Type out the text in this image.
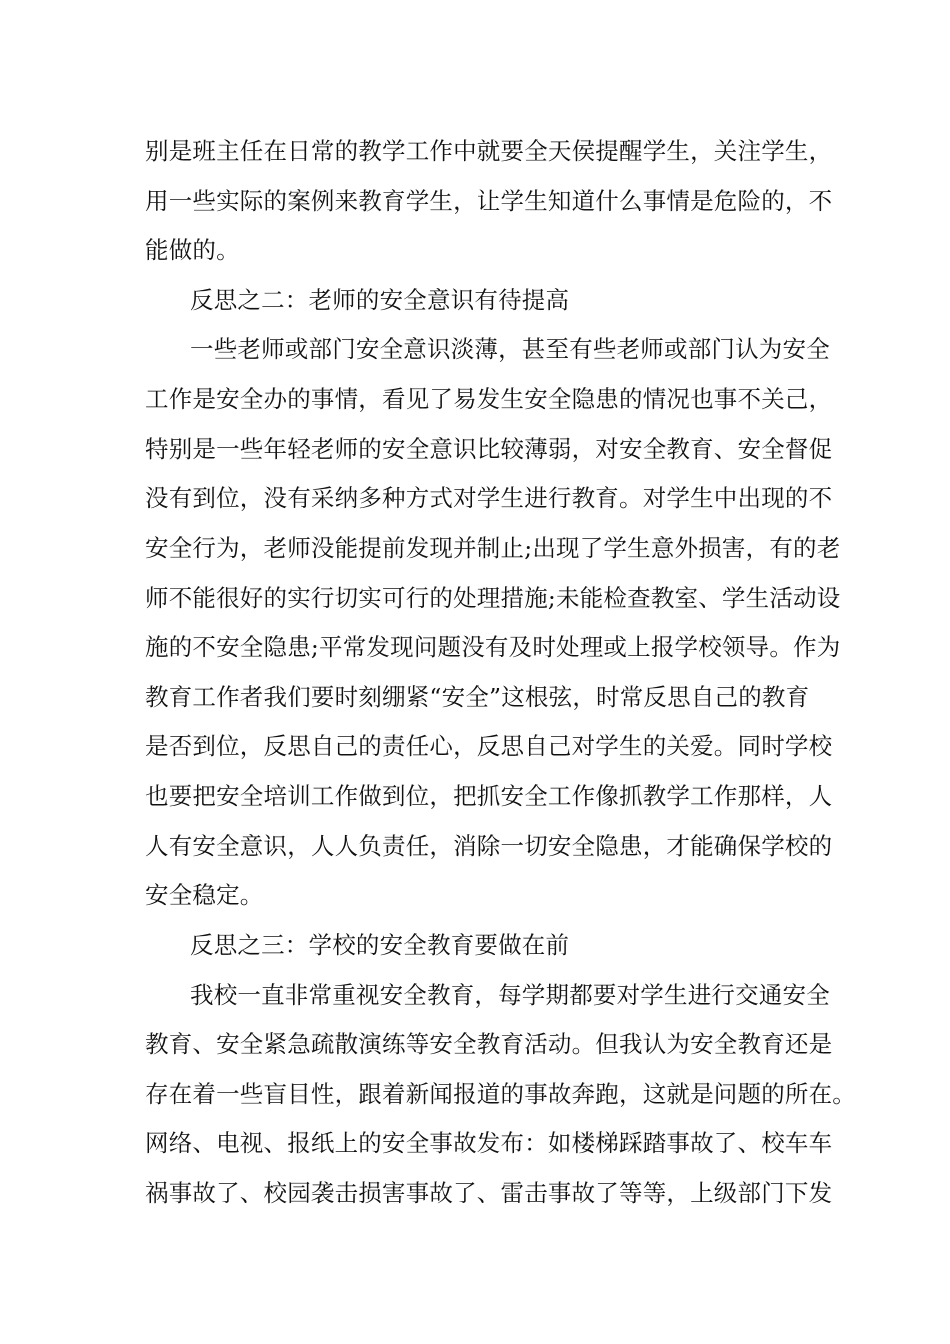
别是班主任在日常的教学工作中就要全天侯提醒学生，关注学生，
用一些实际的案例来教育学生，让学生知道什么事情是危险的，不
能做的。
反思之二：老师的安全意识有待提高
一些老师或部门安全意识淡薄，甚至有些老师或部门认为安全
工作是安全办的事情，看见了易发生安全隐患的情况也事不关己，
特别是一些年轻老师的安全意识比较薄弱，对安全教育、安全督促
没有到位，没有采纳多种方式对学生进行教育。对学生中出现的不
安全行为，老师没能提前发现并制止;出现了学生意外损害，有的老
师不能很好的实行切实可行的处理措施;未能检查教室、学生活动设
施的不安全隐患;平常发现问题没有及时处理或上报学校领导。作为
教育工作者我们要时刻绷紧“安全”这根弦，时常反思自己的教育
是否到位，反思自己的责任心，反思自己对学生的关爱。同时学校
也要把安全培训工作做到位，把抓安全工作像抓教学工作那样，人
人有安全意识，人人负责任，消除一切安全隐患，才能确保学校的
安全稳定。
反思之三：学校的安全教育要做在前
我校一直非常重视安全教育，每学期都要对学生进行交通安全
教育、安全紧急疏散演练等安全教育活动。但我认为安全教育还是
存在着一些盲目性，跟着新闻报道的事故奔跑，这就是问题的所在。
网络、电视、报纸上的安全事故发布：如楼梯踩踏事故了、校车车
祸事故了、校园袭击损害事故了、雷击事故了等等，上级部门下发
